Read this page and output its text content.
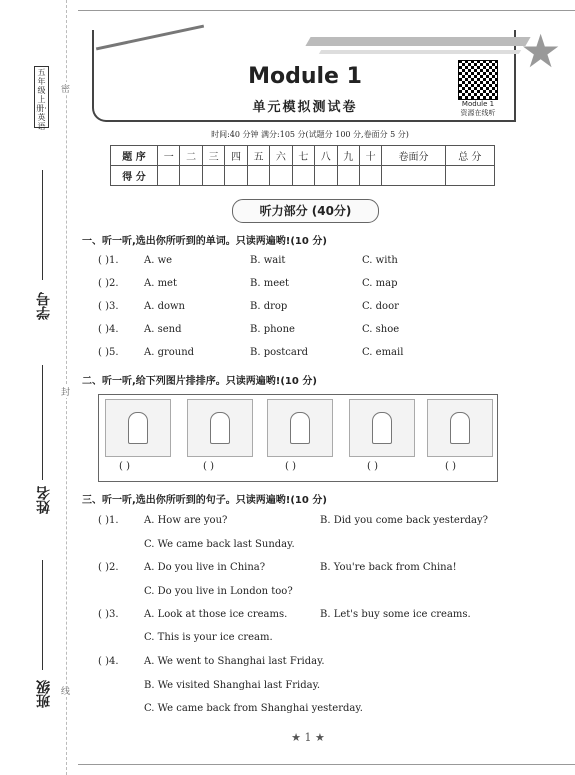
密
封
线
五年级上册·英语
学号
姓名
班级
★
Module 1
单元模拟测试卷	Module 1
资源在线听
时间:40 分钟 满分:105 分(试题分 100 分,卷面分 5 分)
题 序	一	二	三	四	五	六	七	八	九	十	卷面分	总 分
得 分												
听力部分 (40分)
一、听一听,选出你所听到的单词。只读两遍哟!(10 分)
( )1.	A. we	B. wait	C. with
( )2.	A. met	B. meet	C. map
( )3.	A. down	B. drop	C. door
( )4.	A. send	B. phone	C. shoe
( )5.	A. ground	B. postcard	C. email
二、听一听,给下列图片排排序。只读两遍哟!(10 分)
( )	( )	( )	( )	( )
三、听一听,选出你所听到的句子。只读两遍哟!(10 分)
( )1.	A. How are you?	B. Did you come back yesterday?
C. We came back last Sunday.
( )2.	A. Do you live in China?	B. You're back from China!
C. Do you live in London too?
( )3.	A. Look at those ice creams.	B. Let's buy some ice creams.
C. This is your ice cream.
( )4.	A. We went to Shanghai last Friday.
B. We visited Shanghai last Friday.
C. We came back from Shanghai yesterday.
★ 1 ★
